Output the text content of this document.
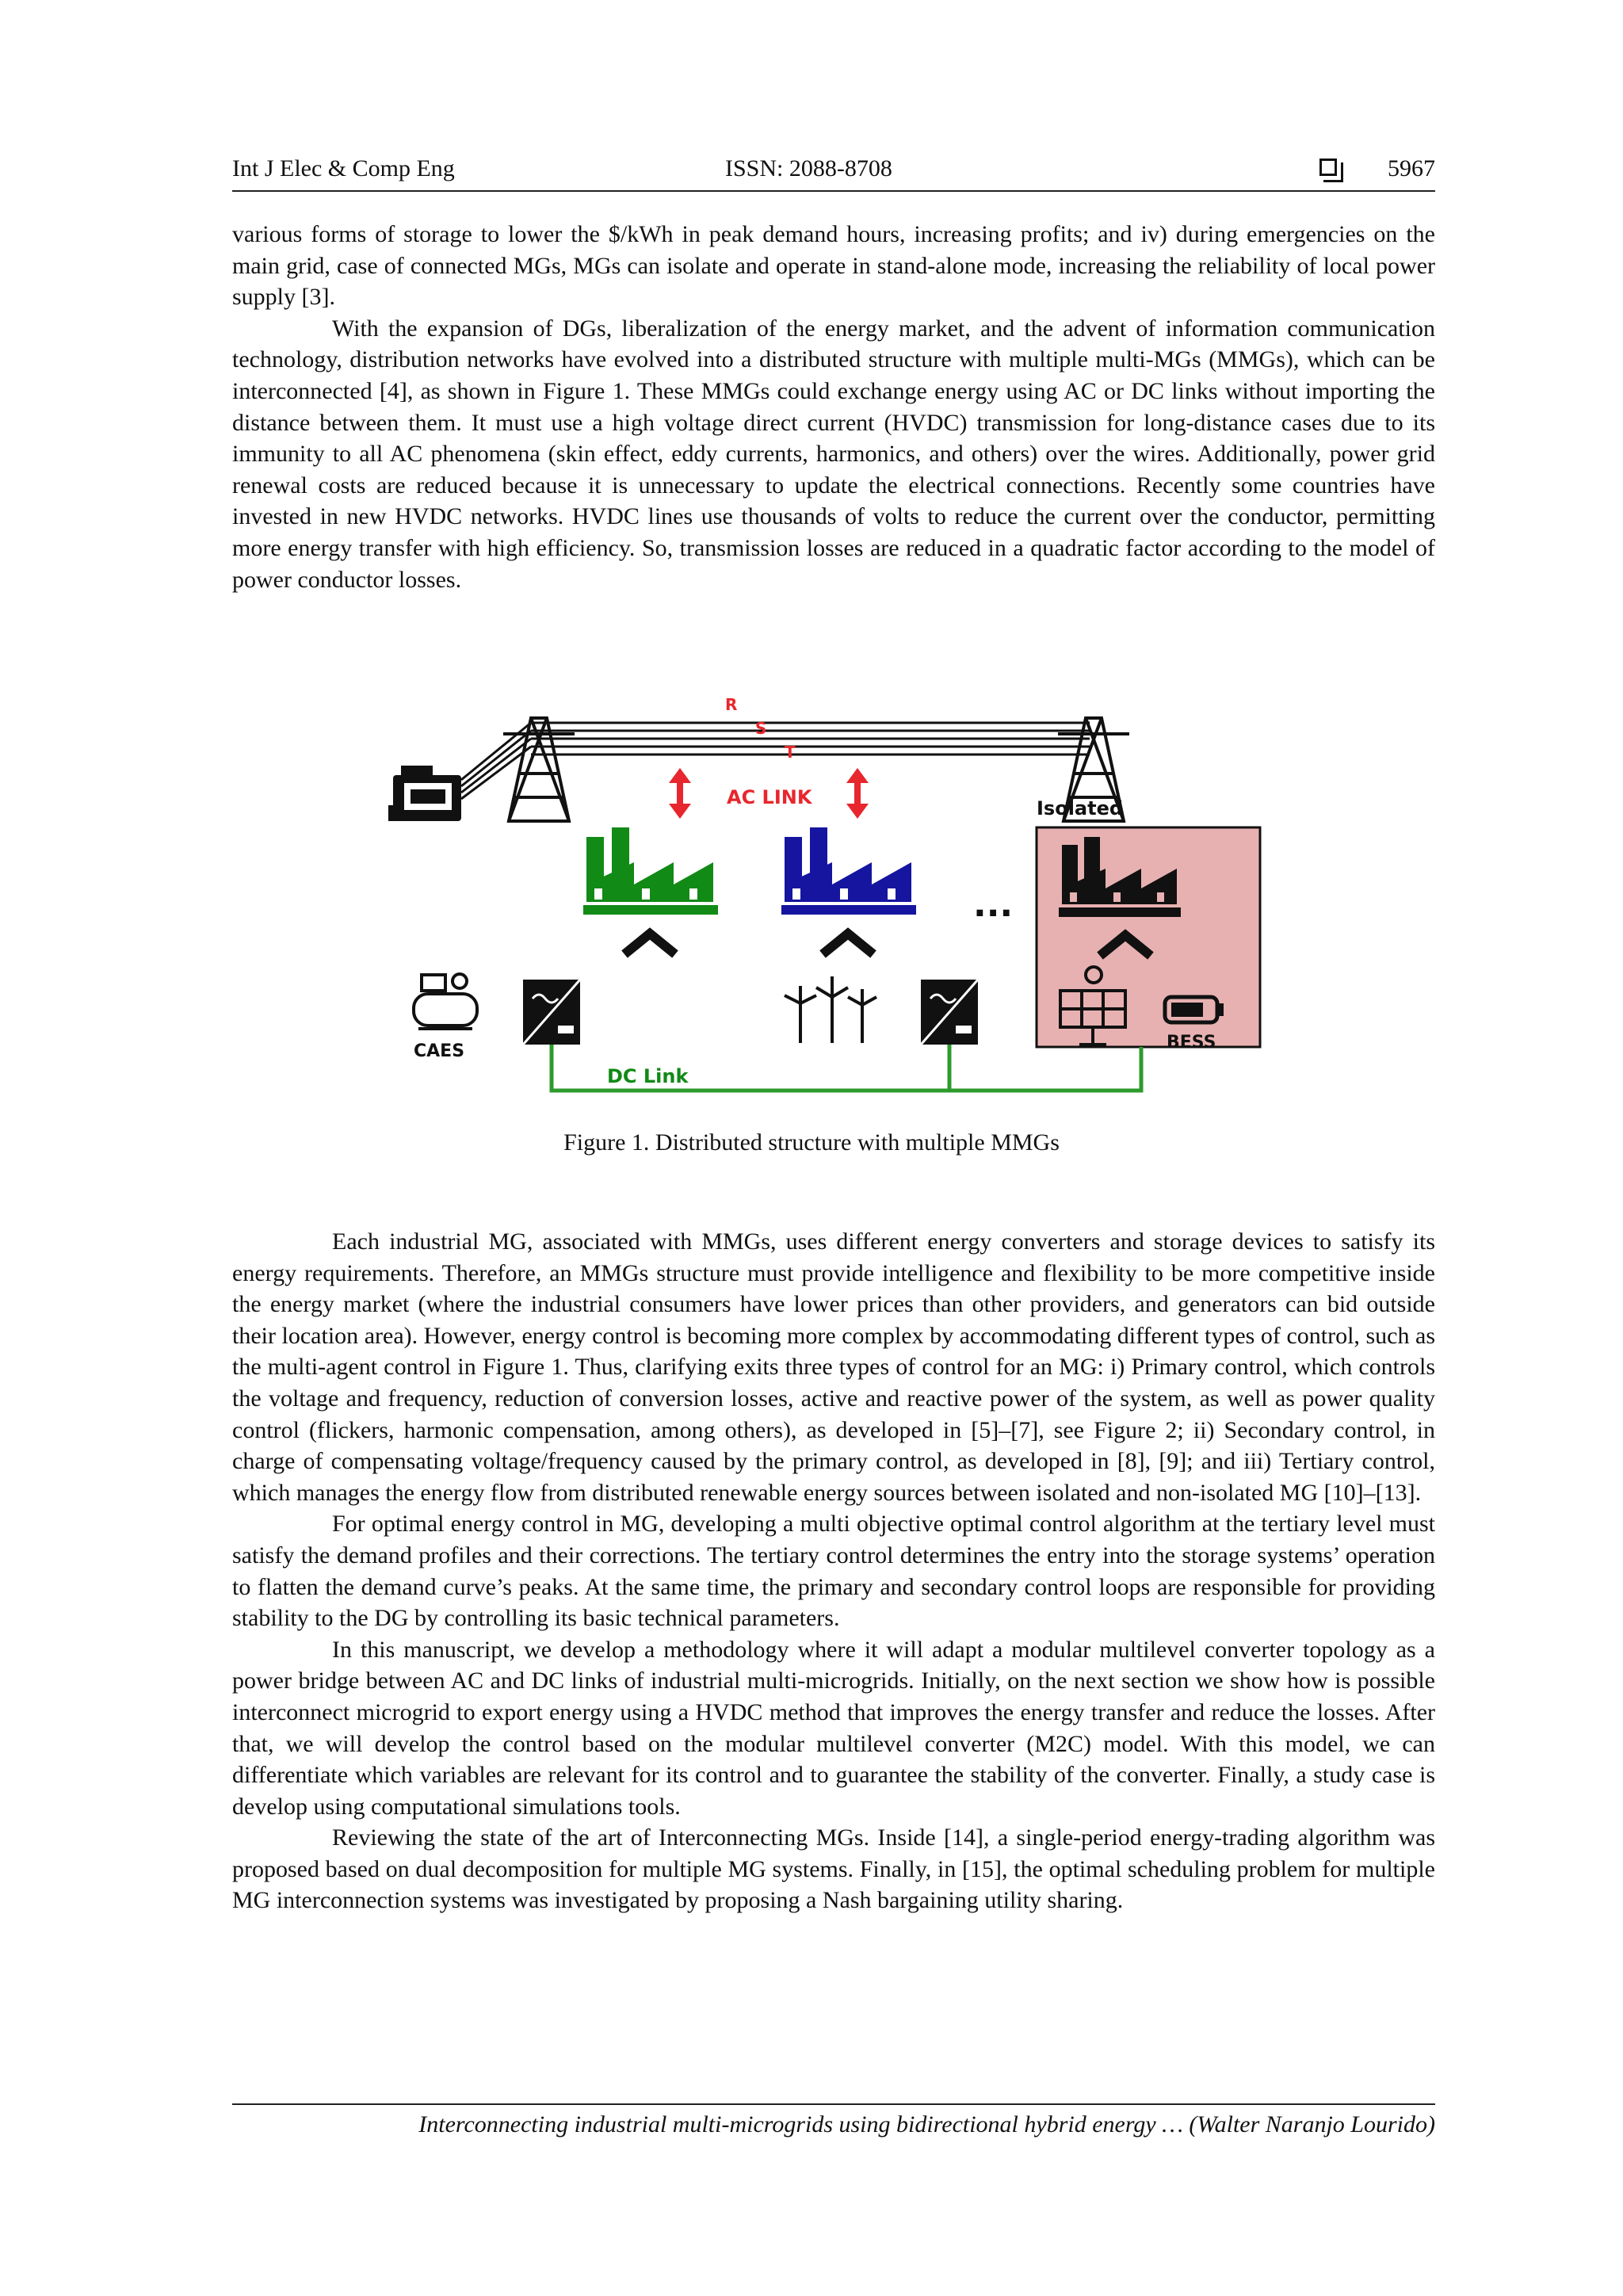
Int J Elec & Comp Eng	ISSN: 2088-8708	5967

various forms of storage to lower the $/kWh in peak demand hours, increasing profits; and iv) during emergencies on the main grid, case of connected MGs, MGs can isolate and operate in stand-alone mode, increasing the reliability of local power supply [3].

With the expansion of DGs, liberalization of the energy market, and the advent of information communication technology, distribution networks have evolved into a distributed structure with multiple multi-MGs (MMGs), which can be interconnected [4], as shown in Figure 1. These MMGs could exchange energy using AC or DC links without importing the distance between them. It must use a high voltage direct current (HVDC) transmission for long-distance cases due to its immunity to all AC phenomena (skin effect, eddy currents, harmonics, and others) over the wires. Additionally, power grid renewal costs are reduced because it is unnecessary to update the electrical connections. Recently some countries have invested in new HVDC networks. HVDC lines use thousands of volts to reduce the current over the conductor, permitting more energy transfer with high efficiency. So, transmission losses are reduced in a quadratic factor according to the model of power conductor losses.

R
S
T
AC LINK	Isolated
...
CAES	BESS
DC Link
Figure 1. Distributed structure with multiple MMGs

Each industrial MG, associated with MMGs, uses different energy converters and storage devices to satisfy its energy requirements. Therefore, an MMGs structure must provide intelligence and flexibility to be more competitive inside the energy market (where the industrial consumers have lower prices than other providers, and generators can bid outside their location area). However, energy control is becoming more complex by accommodating different types of control, such as the multi-agent control in Figure 1. Thus, clarifying exits three types of control for an MG: i) Primary control, which controls the voltage and frequency, reduction of conversion losses, active and reactive power of the system, as well as power quality control (flickers, harmonic compensation, among others), as developed in [5]–[7], see Figure 2; ii) Secondary control, in charge of compensating voltage/frequency caused by the primary control, as developed in [8], [9]; and iii) Tertiary control, which manages the energy flow from distributed renewable energy sources between isolated and non-isolated MG [10]–[13].

For optimal energy control in MG, developing a multi objective optimal control algorithm at the tertiary level must satisfy the demand profiles and their corrections. The tertiary control determines the entry into the storage systems’ operation to flatten the demand curve’s peaks. At the same time, the primary and secondary control loops are responsible for providing stability to the DG by controlling its basic technical parameters.

In this manuscript, we develop a methodology where it will adapt a modular multilevel converter topology as a power bridge between AC and DC links of industrial multi-microgrids. Initially, on the next section we show how is possible interconnect microgrid to export energy using a HVDC method that improves the energy transfer and reduce the losses. After that, we will develop the control based on the modular multilevel converter (M2C) model. With this model, we can differentiate which variables are relevant for its control and to guarantee the stability of the converter. Finally, a study case is develop using computational simulations tools.

Reviewing the state of the art of Interconnecting MGs. Inside [14], a single-period energy-trading algorithm was proposed based on dual decomposition for multiple MG systems. Finally, in [15], the optimal scheduling problem for multiple MG interconnection systems was investigated by proposing a Nash bargaining utility sharing.

Interconnecting industrial multi-microgrids using bidirectional hybrid energy … (Walter Naranjo Lourido)
